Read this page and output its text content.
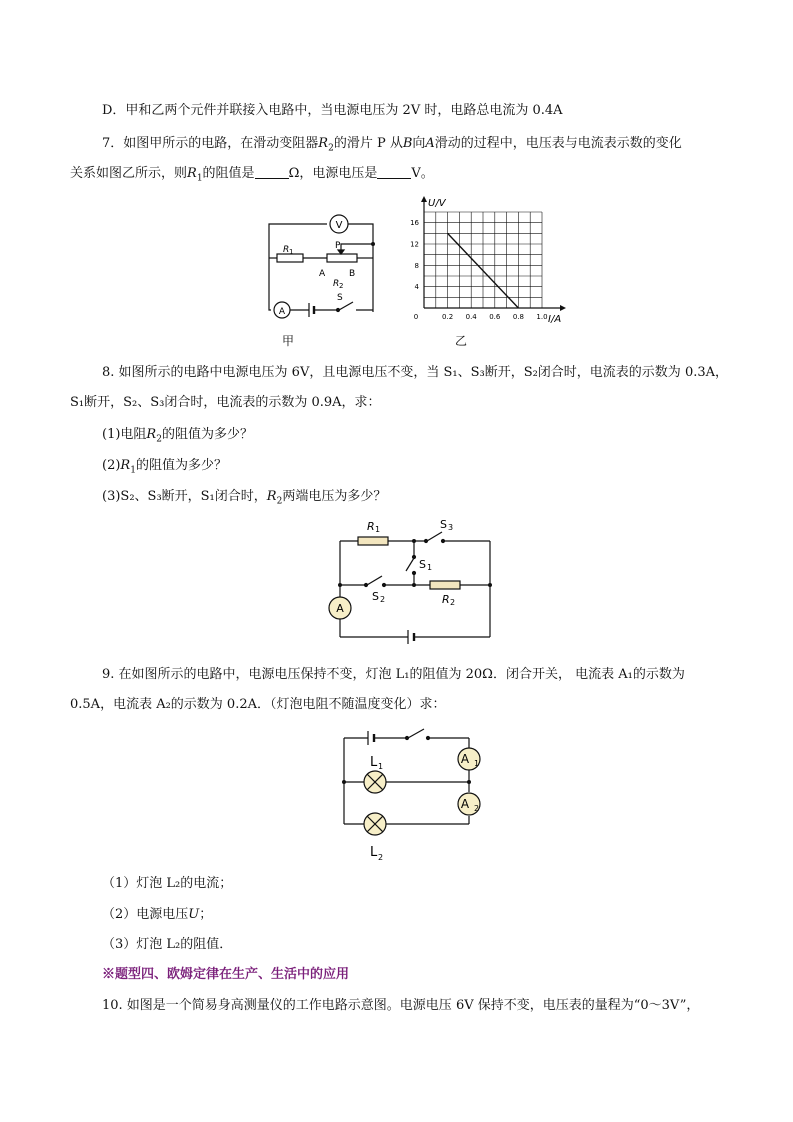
D．甲和乙两个元件并联接入电路中，当电源电压为 2V 时，电路总电流为 0.4A
7．如图甲所示的电路，在滑动变阻器$R_2$的滑片 P 从B向A滑动的过程中，电压表与电流表示数的变化
关系如图乙所示，则$R_1$的阻值是	Ω，电源电压是	V。
V
R 1
P
A	B
R 2
A
S
甲
U/V
I/A
0	0.2 0.4 0.6 0.8 1.0
4
8
12
16
乙
8. 如图所示的电路中电源电压为 6V，且电源电压不变，当 S₁、S₃断开，S₂闭合时，电流表的示数为 0.3A，
S₁断开，S₂、S₃闭合时，电流表的示数为 0.9A，求：
(1)电阻$R_2$的阻值为多少？
$(2)R_1$的阻值为多少？
(3)S₂、S₃断开，S₁闭合时，$R_2$两端电压为多少？
A
R 1	S 3
S 1
S 2	R 2
9. 在如图所示的电路中，电源电压保持不变，灯泡 L₁的阻值为 20Ω．闭合开关， 电流表 A₁的示数为
0.5A，电流表 A₂的示数为 0.2A．（灯泡电阻不随温度变化）求：
A 1
A 2
L 1
L 2
（1）灯泡 L₂的电流；
（2）电源电压U；
（3）灯泡 L₂的阻值．
※题型四、欧姆定律在生产、生活中的应用
10. 如图是一个简易身高测量仪的工作电路示意图。电源电压 6V 保持不变，电压表的量程为“0～3V”，
